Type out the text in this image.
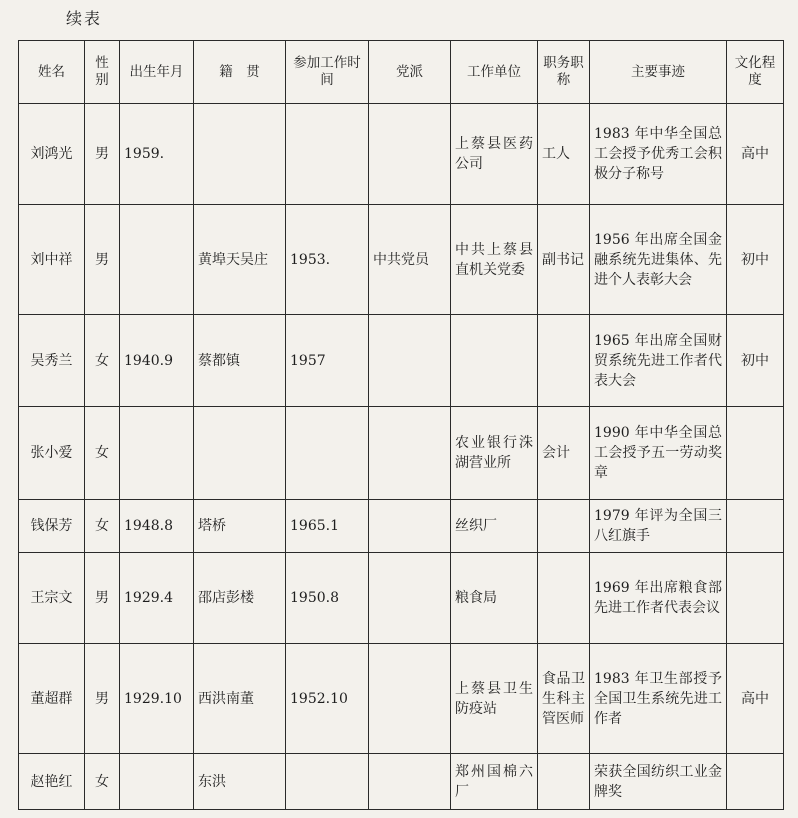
续表
姓名	性别	出生年月	籍　贯	参加工作时间	党派	工作单位	职务职称	主要事迹	文化程度
刘鸿光	男	1959.				上蔡县医药公司	工人	1983 年中华全国总工会授予优秀工会积极分子称号	高中
刘中祥	男		黄埠天吴庄	1953.	中共党员	中共上蔡县直机关党委	副书记	1956 年出席全国金融系统先进集体、先进个人表彰大会	初中
吴秀兰	女	1940.9	蔡都镇	1957				1965 年出席全国财贸系统先进工作者代表大会	初中
张小爱	女					农业银行洙湖营业所	会计	1990 年中华全国总工会授予五一劳动奖章	
钱保芳	女	1948.8	塔桥	1965.1		丝织厂		1979 年评为全国三八红旗手	
王宗文	男	1929.4	邵店彭楼	1950.8		粮食局		1969 年出席粮食部先进工作者代表会议	
董超群	男	1929.10	西洪南董	1952.10		上蔡县卫生防疫站	食品卫生科主管医师	1983 年卫生部授予全国卫生系统先进工作者	高中
赵艳红	女		东洪			郑州国棉六厂		荣获全国纺织工业金牌奖	
